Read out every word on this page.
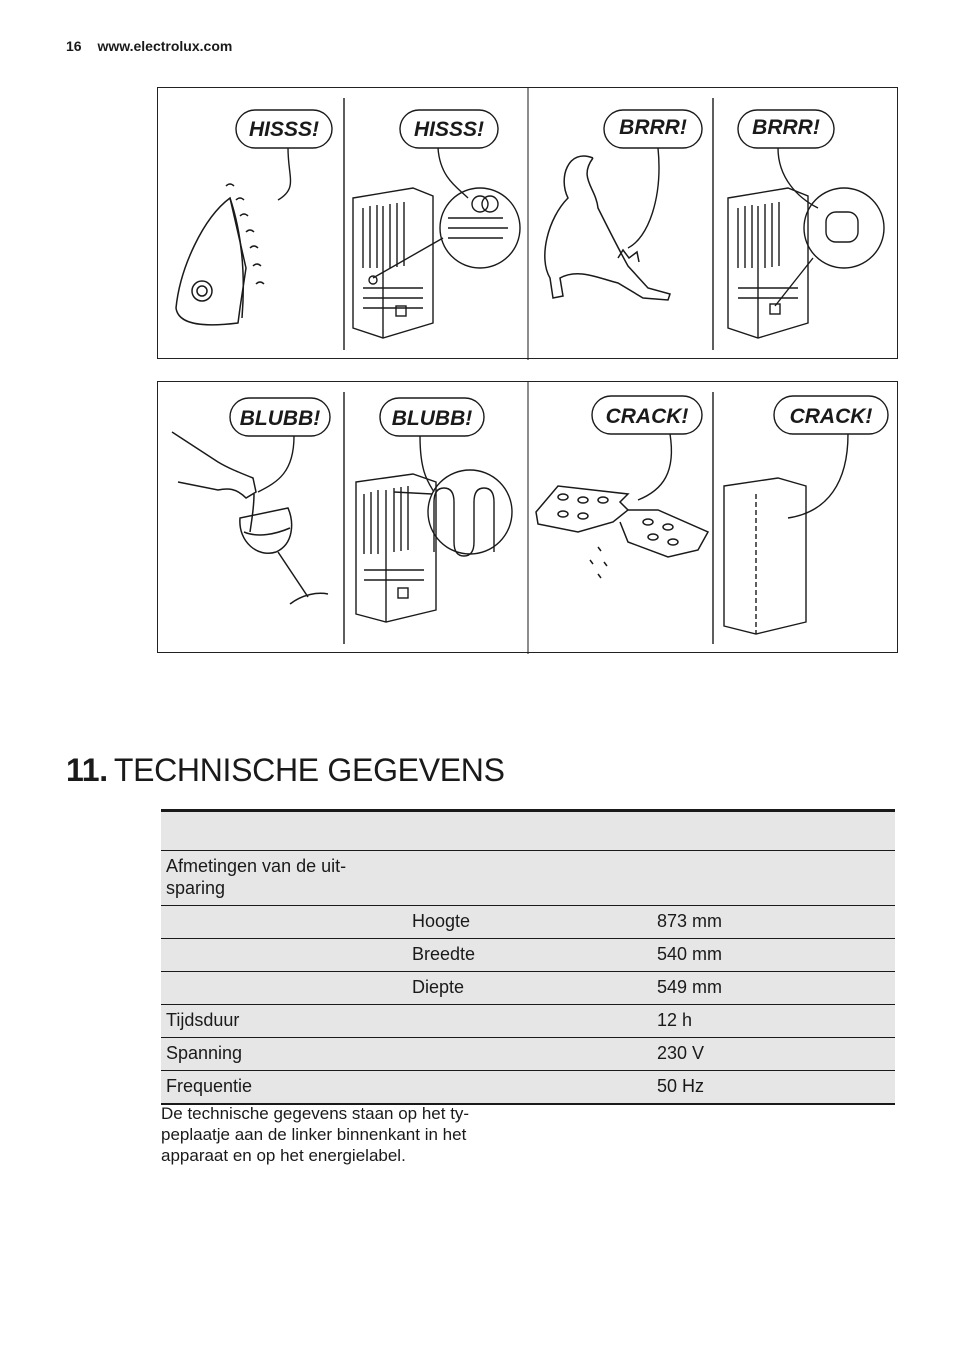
16 www.electrolux.com
HISSS!	HISSS!	BRRR!	BRRR!
BLUBB!	BLUBB!	CRACK!	CRACK!
11. TECHNISCHE GEGEVENS

Afmetingen van de uit-
sparing		
	Hoogte	873 mm
	Breedte	540 mm
	Diepte	549 mm
Tijdsduur		12 h
Spanning		230 V
Frequentie		50 Hz
De technische gegevens staan op het ty-
peplaatje aan de linker binnenkant in het
apparaat en op het energielabel.
